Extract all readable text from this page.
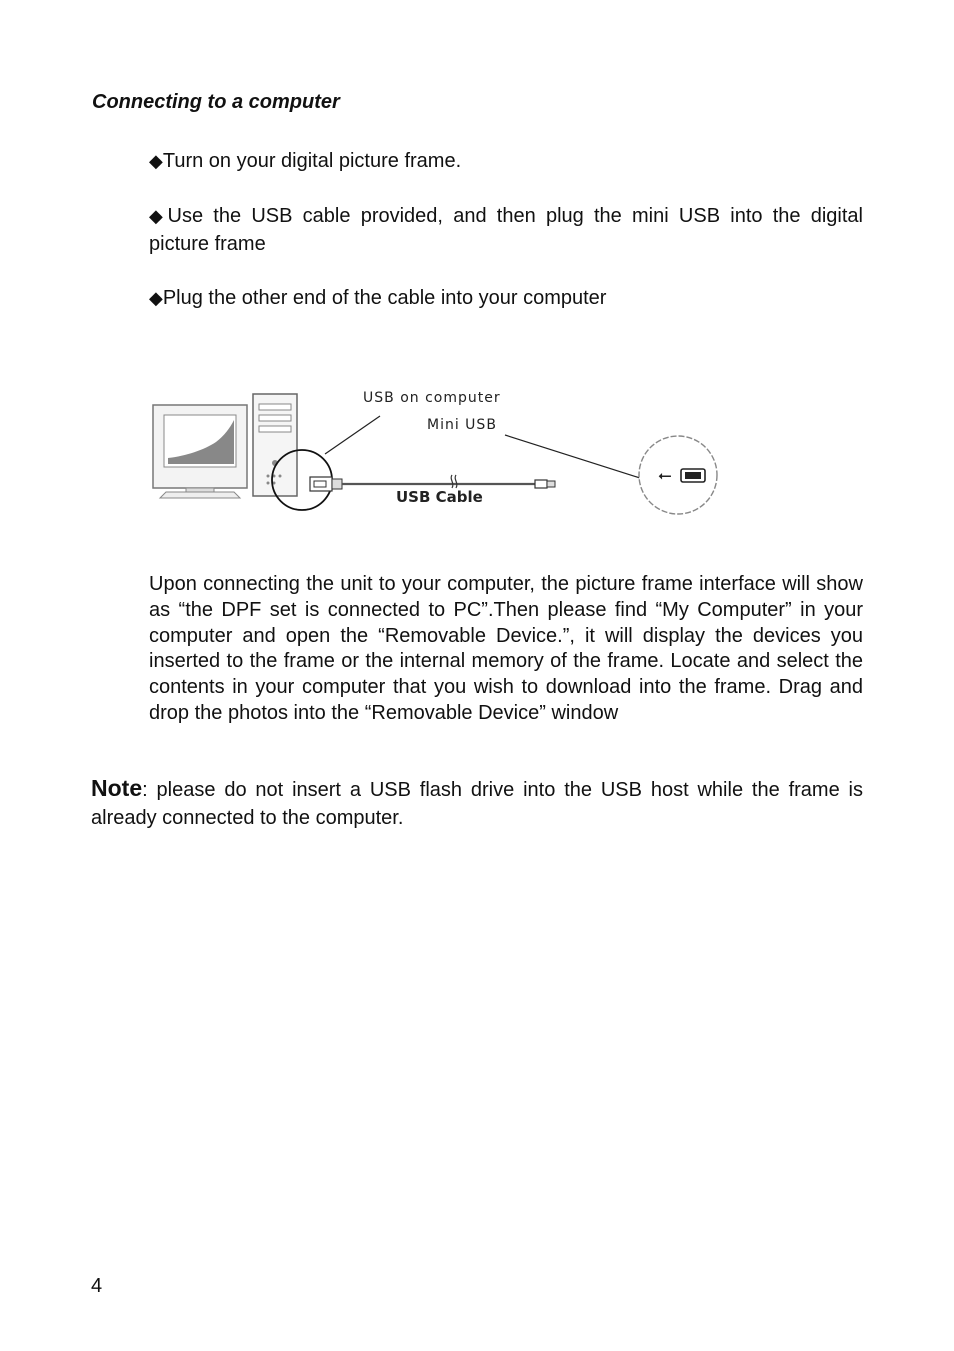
Connecting to a computer
◆Turn on your digital picture frame.
◆Use the USB cable provided, and then plug the mini USB into the digital picture frame
◆Plug the other end of the cable into your computer
⭠
USB on computer
Mini USB
USB Cable
Upon connecting the unit to your computer, the picture frame interface will show as “the DPF set is connected to PC”.Then please find “My Computer” in your computer and open the “Removable Device.”, it will display the devices you inserted to the frame or the internal memory of the frame. Locate and select the contents in your computer that you wish to download into the frame. Drag and drop the photos into the “Removable Device” window
Note: please do not insert a USB flash drive into the USB host while the frame is already connected to the computer.
4
